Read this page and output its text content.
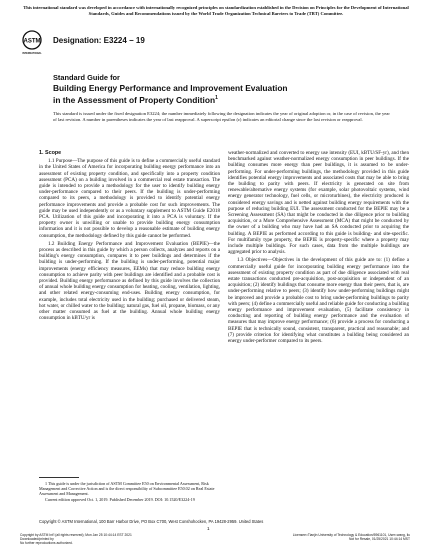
This international standard was developed in accordance with internationally recognized principles on standardization established in the Decision on Principles for the Development of International Standards, Guides and Recommendations issued by the World Trade Organization Technical Barriers to Trade (TBT) Committee.
ASTM
INTERNATIONAL
Designation: E3224 − 19
Standard Guide for
Building Energy Performance and Improvement Evaluation
in the Assessment of Property Condition$^1$
This standard is issued under the fixed designation E3224; the number immediately following the designation indicates the year of original adoption or, in the case of revision, the year of last revision. A number in parentheses indicates the year of last reapproval. A superscript epsilon (ε) indicates an editorial change since the last revision or reapproval.

1. Scope

1.1 Purpose—The purpose of this guide is to define a commercially useful standard in the United States of America for incorporating building energy performance into an assessment of existing property condition, and specifically into a property condition assessment (PCA) on a building involved in a commercial real estate transaction. The guide is intended to provide a methodology for the user to identify building energy under-performance compared to their peers. If the building is under-performing compared to its peers, a methodology is provided to identify potential energy performance improvements and provide a probable cost for such improvements. The guide may be used independently or as a voluntary supplement to ASTM Guide E2018 PCA. Utilization of this guide and incorporating it into a PCA is voluntary. If the property owner is unwilling or unable to provide building energy consumption information and it is not possible to develop a reasonable estimate of building energy consumption, the methodology defined by this guide cannot be performed.

1.2 Building Energy Performance and Improvement Evaluation (BEPIE)—the process as described in this guide by which a person collects, analyzes and reports on a building's energy consumption, compares it to peer buildings and determines if the building is under-performing. If the building is under-performing, potential major improvements (energy efficiency measures, EEMs) that may reduce building energy consumption to achieve parity with peer buildings are identified and a probable cost is provided. Building energy performance as defined by this guide involves the collection of annual whole building energy consumption for heating, cooling, ventilation, lighting, and other related energy-consuming end-uses. Building energy consumption, for example, includes total electricity used in the building; purchased or delivered steam, hot water, or chilled water to the building; natural gas, fuel oil, propane, biomass, or any other matter consumed as fuel at the building. Annual whole building energy consumption in kBTU/yr is

1 This guide is under the jurisdiction of ASTM Committee E50 on Environmental Assessment, Risk Management and Corrective Action and is the direct responsibility of Subcommittee E50.02 on Real Estate Assessment and Management.

Current edition approved Oct. 1, 2019. Published December 2019. DOI: 10.1520/E3224-19

weather-normalized and converted to energy use intensity (EUI, kBTU/SF-yr), and then benchmarked against weather-normalized energy consumption in peer buildings. If the building consumes more energy than peer buildings, it is assumed to be under-performing. For under-performing buildings, the methodology provided in this guide identifies potential energy improvements and associated costs that may be able to bring the building to parity with peers. If electricity is generated on site from renewable/alternative energy systems (for example, solar photovoltaic systems, wind energy generator technology, fuel cells, or microturbines), the electricity produced is considered energy savings and is netted against building energy requirements with the purpose of reducing building EUI. The assessment conducted for the BEPIE may be a Screening Assessment (SA) that might be conducted in due diligence prior to building acquisition, or a More Comprehensive Assessment (MCA) that might be conducted by the owner of a building who may have had an SA conducted prior to acquiring the building. A BEPIE as performed according to this guide is building- and site-specific. For multifamily type property, the BEPIE is property-specific where a property may include multiple buildings. For such cases, data from the multiple buildings are aggregated prior to analysis.

1.3 Objectives—Objectives in the development of this guide are to: (1) define a commercially useful guide for incorporating building energy performance into the assessment of existing property condition as part of due diligence associated with real estate transactions conducted pre-acquisition, post-acquisition or independent of an acquisition; (2) identify buildings that consume more energy than their peers, that is, are under-performing relative to peers; (3) identify how under-performing buildings might be improved and provide a probable cost to bring under-performing buildings to parity with peers; (4) define a commercially useful and reliable guide for conducting a building energy performance and improvement evaluation, (5) facilitate consistency in conducting and reporting of building energy performance and the evaluation of measures that may improve energy performance; (6) provide a process for conducting a BEPIE that is technically sound, consistent, transparent, practical and reasonable; and (7) provide criterion for identifying what constitutes a building being considered an energy under-performer compared to its peers.

Copyright © ASTM International, 100 Barr Harbor Drive, PO Box C700, West Conshohocken, PA 19428-2959. United States
1
Copyright by ASTM Int'l (all rights reserved); Mon Jan 25 10:44:14 EST 2021
Downloaded/printed by
No further reproductions authorized.
Licensee=Tianjin University of Technology & Education/5961101, User=wang, liu
Not for Resale, 01/25/2021 10:44:14 MST
